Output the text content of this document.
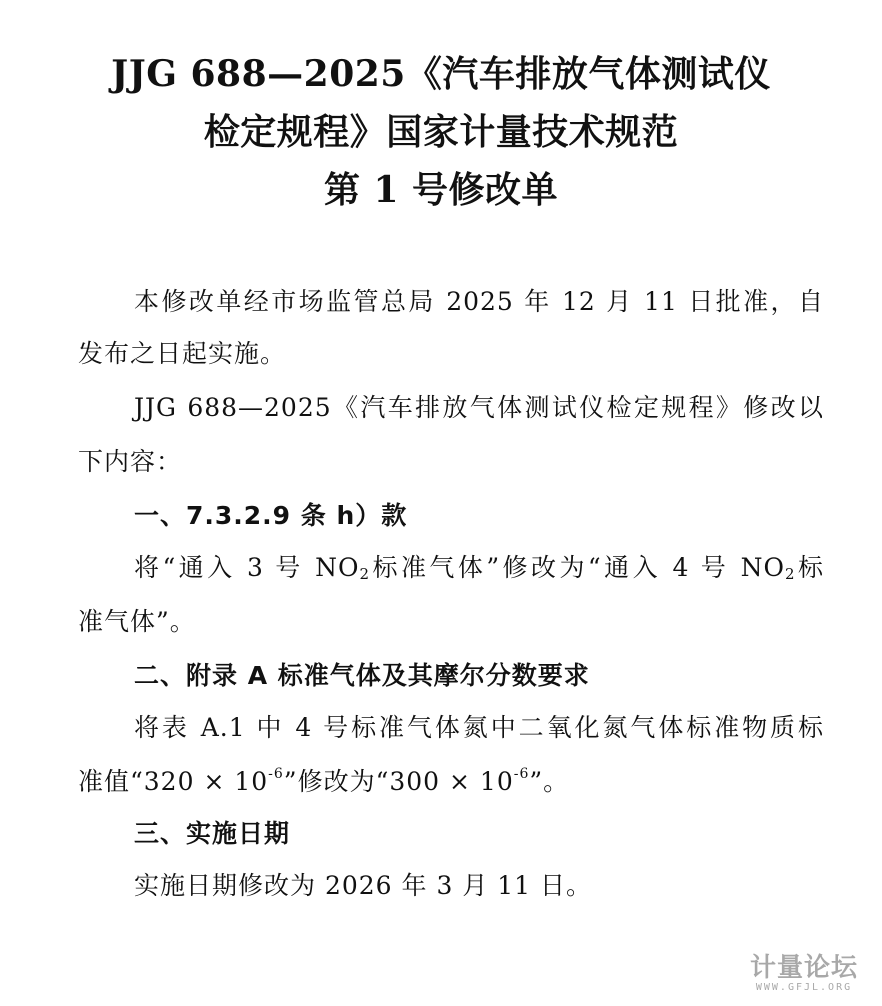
JJG 688—2025《汽车排放气体测试仪
检定规程》国家计量技术规范
第 1 号修改单
本修改单经市场监管总局 2025 年 12 月 11 日批准，自
发布之日起实施。
JJG 688—2025《汽车排放气体测试仪检定规程》修改以
下内容：
一、7.3.2.9 条 h）款
将“通入 3 号 $NO_2$标准气体”修改为“通入 4 号 $NO_2$标
准气体”。
二、附录 A 标准气体及其摩尔分数要求
将表 A.1 中 4 号标准气体氮中二氧化氮气体标准物质标
准值“$320 \times 10^{-6}$”修改为“$300 \times 10^{-6}$”。
三、实施日期
实施日期修改为 2026 年 3 月 11 日。
计量论坛
WWW.GFJL.ORG
